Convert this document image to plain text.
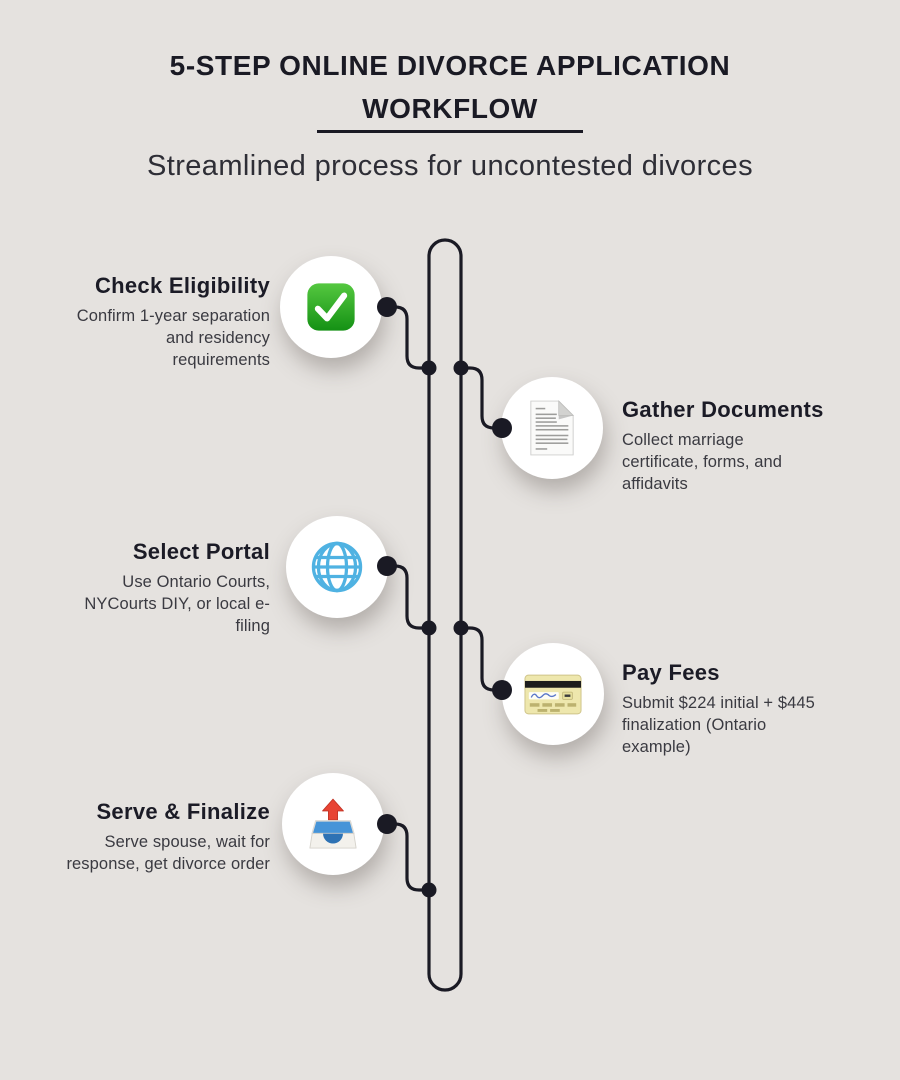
5-STEP ONLINE DIVORCE APPLICATION WORKFLOW
Streamlined process for uncontested divorces
Check Eligibility

Confirm 1-year separation and residency requirements

Gather Documents

Collect marriage certificate, forms, and affidavits

Select Portal

Use Ontario Courts, NYCourts DIY, or local e-filing

Pay Fees

Submit $224 initial + $445 finalization (Ontario example)

Serve & Finalize

Serve spouse, wait for response, get divorce order
